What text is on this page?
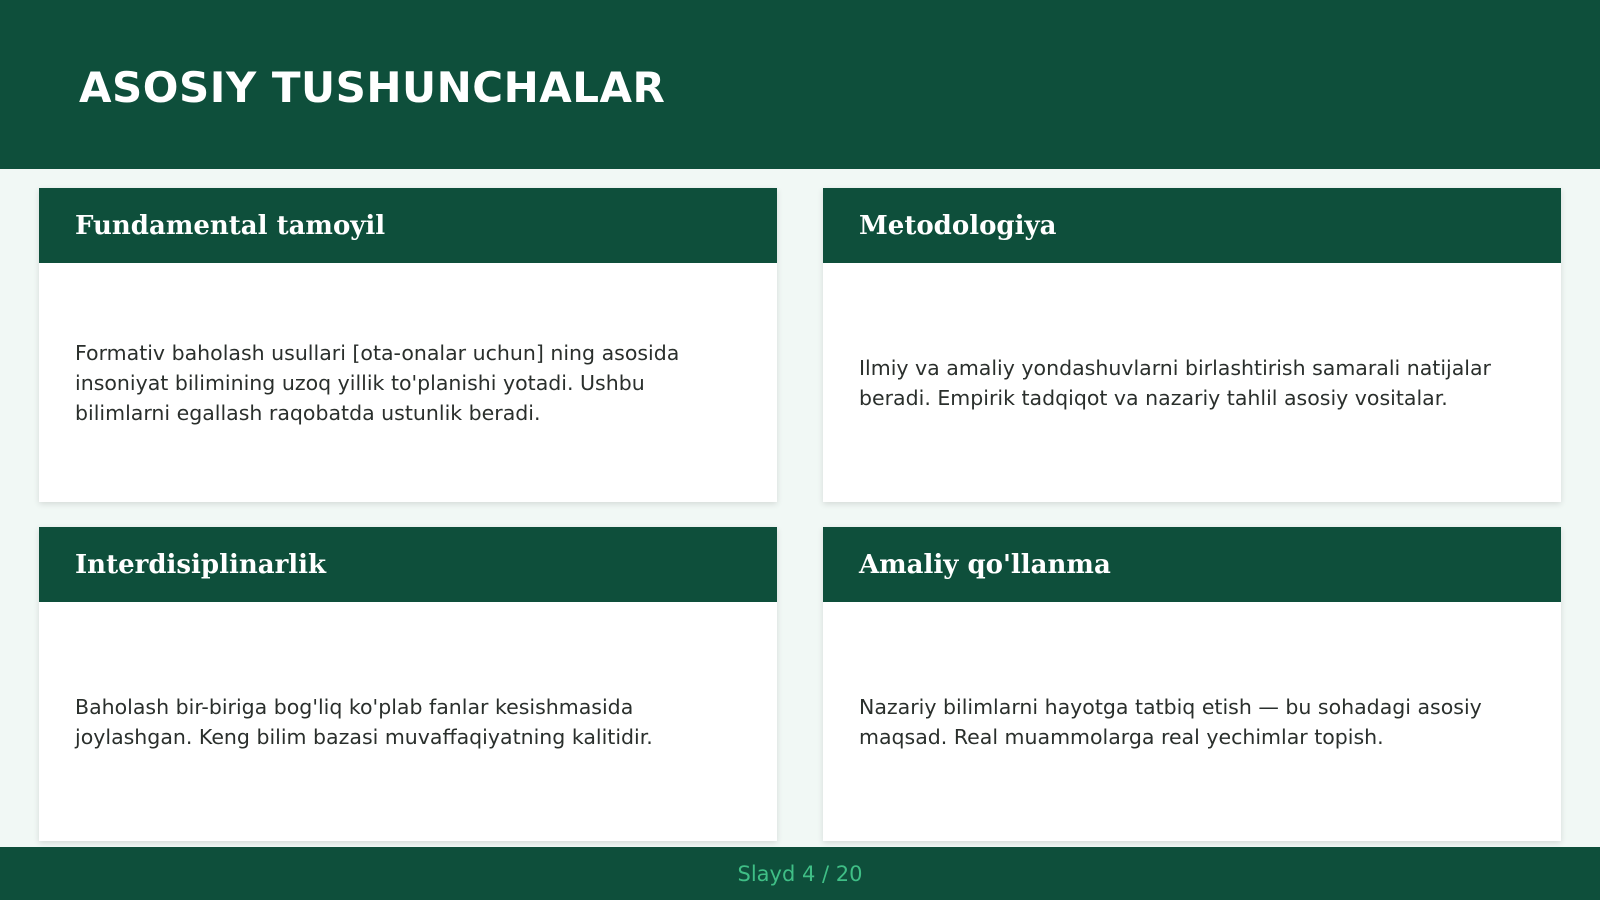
ASOSIY TUSHUNCHALAR
Fundamental tamoyil

Formativ baholash usullari [ota-onalar uchun] ning asosida insoniyat bilimining uzoq yillik to'planishi yotadi. Ushbu bilimlarni egallash raqobatda ustunlik beradi.

Metodologiya

Ilmiy va amaliy yondashuvlarni birlashtirish samarali natijalar beradi. Empirik tadqiqot va nazariy tahlil asosiy vositalar.

Interdisiplinarlik

Baholash bir-biriga bog'liq ko'plab fanlar kesishmasida joylashgan. Keng bilim bazasi muvaffaqiyatning kalitidir.

Amaliy qo'llanma

Nazariy bilimlarni hayotga tatbiq etish — bu sohadagi asosiy maqsad. Real muammolarga real yechimlar topish.

Slayd 4 / 20
